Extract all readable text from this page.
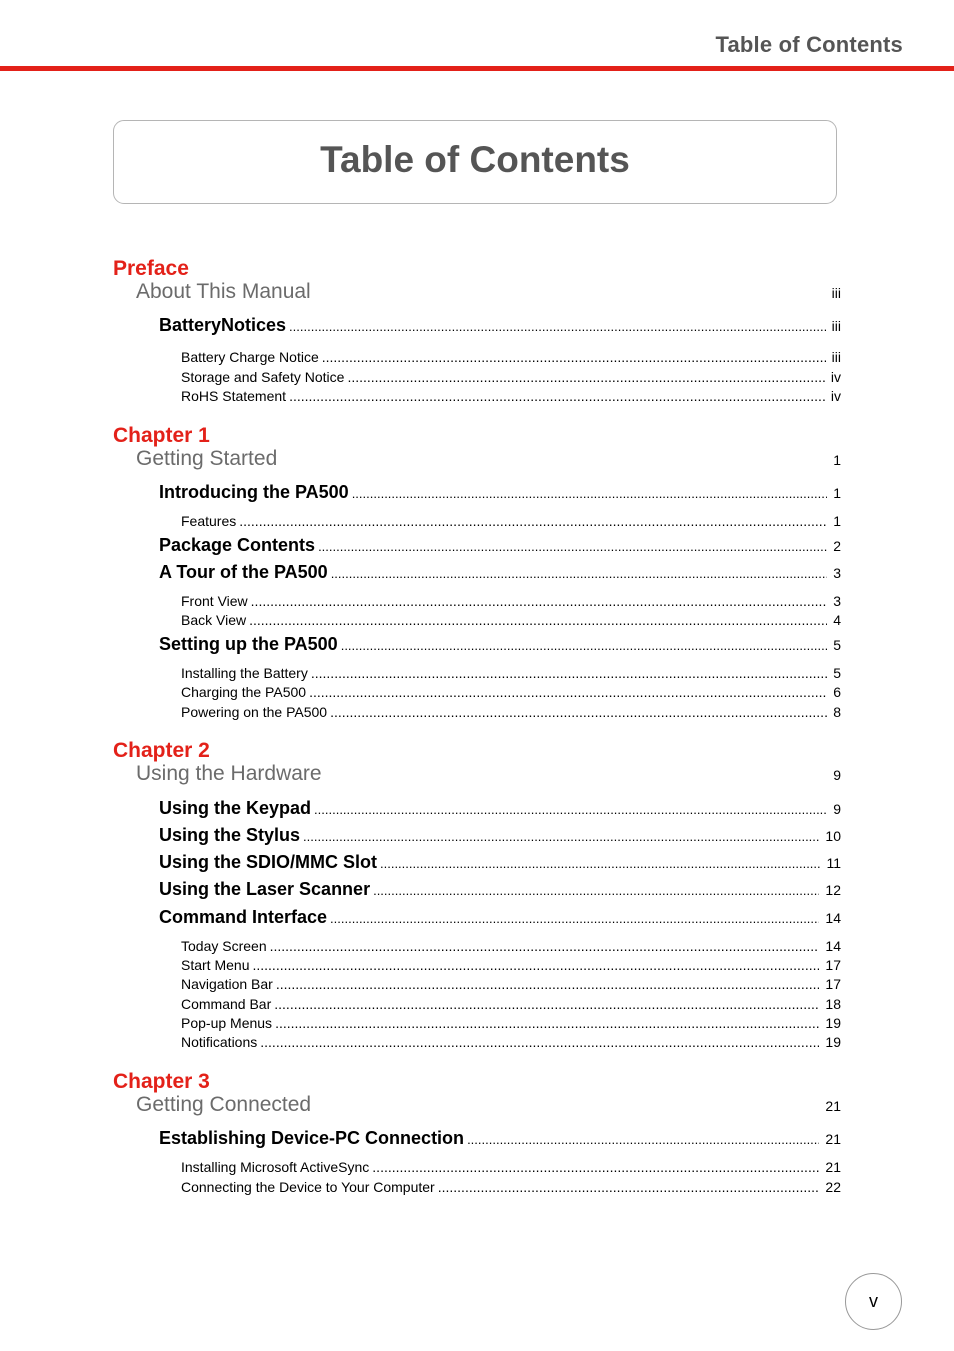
Table of Contents
Table of Contents
Preface
About This Manual	iii
BatteryNotices .....	iii
Battery Charge Notice .....	iii
Storage and Safety Notice .....	iv
RoHS Statement .....	iv
Chapter 1
Getting Started	1
Introducing the PA500 .....	1
Features .....	1
Package Contents .....	2
A Tour of the PA500 .....	3
Front View .....	3
Back View .....	4
Setting up the PA500 .....	5
Installing the Battery .....	5
Charging the PA500 .....	6
Powering on the PA500 .....	8
Chapter 2
Using the Hardware	9
Using the Keypad .....	9
Using the Stylus .....	10
Using the SDIO/MMC Slot .....	11
Using the Laser Scanner .....	12
Command Interface .....	14
Today Screen .....	14
Start Menu .....	17
Navigation Bar .....	17
Command Bar .....	18
Pop-up Menus .....	19
Notifications .....	19
Chapter 3
Getting Connected	21
Establishing Device-PC Connection .....	21
Installing Microsoft ActiveSync .....	21
Connecting the Device to Your Computer .....	22
v
